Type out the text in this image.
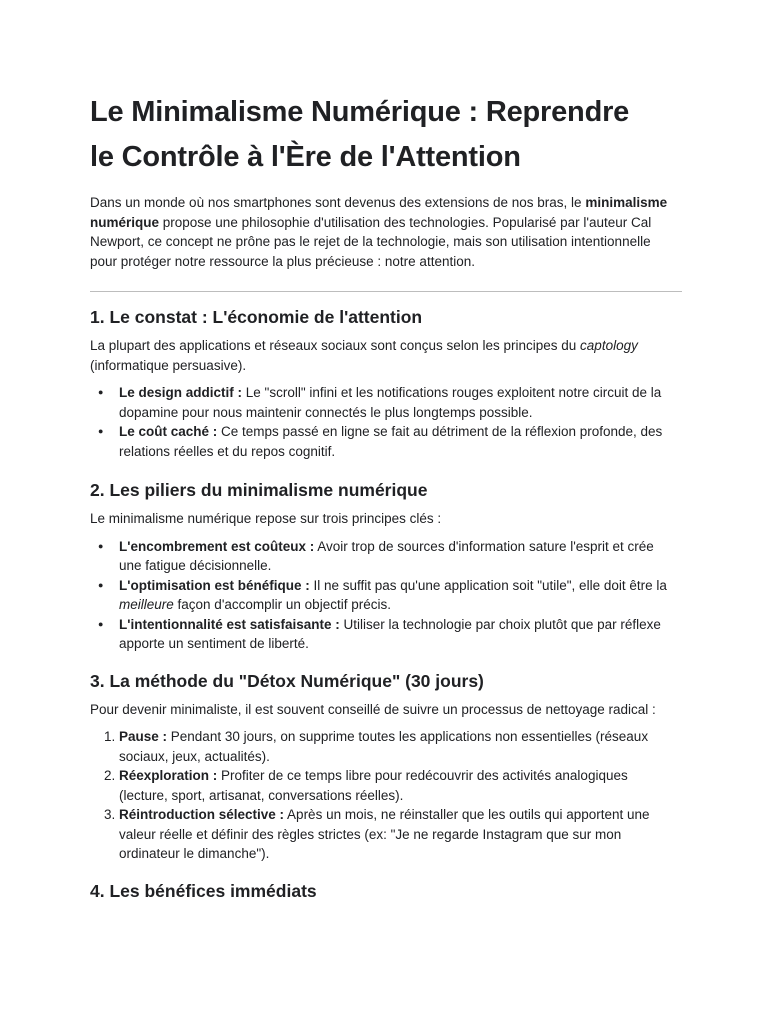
Le Minimalisme Numérique : Reprendre
le Contrôle à l'Ère de l'Attention

Dans un monde où nos smartphones sont devenus des extensions de nos bras, le minimalisme numérique propose une philosophie d'utilisation des technologies. Popularisé par l'auteur Cal Newport, ce concept ne prône pas le rejet de la technologie, mais son utilisation intentionnelle pour protéger notre ressource la plus précieuse : notre attention.

1. Le constat : L'économie de l'attention

La plupart des applications et réseaux sociaux sont conçus selon les principes du captology (informatique persuasive).

● Le design addictif : Le "scroll" infini et les notifications rouges exploitent notre circuit de la dopamine pour nous maintenir connectés le plus longtemps possible.
● Le coût caché : Ce temps passé en ligne se fait au détriment de la réflexion profonde, des relations réelles et du repos cognitif.
2. Les piliers du minimalisme numérique

Le minimalisme numérique repose sur trois principes clés :

● L'encombrement est coûteux : Avoir trop de sources d'information sature l'esprit et crée une fatigue décisionnelle.
● L'optimisation est bénéfique : Il ne suffit pas qu'une application soit "utile", elle doit être la meilleure façon d'accomplir un objectif précis.
● L'intentionnalité est satisfaisante : Utiliser la technologie par choix plutôt que par réflexe apporte un sentiment de liberté.
3. La méthode du "Détox Numérique" (30 jours)

Pour devenir minimaliste, il est souvent conseillé de suivre un processus de nettoyage radical :

1. Pause : Pendant 30 jours, on supprime toutes les applications non essentielles (réseaux sociaux, jeux, actualités).
2. Réexploration : Profiter de ce temps libre pour redécouvrir des activités analogiques (lecture, sport, artisanat, conversations réelles).
3. Réintroduction sélective : Après un mois, ne réinstaller que les outils qui apportent une valeur réelle et définir des règles strictes (ex: "Je ne regarde Instagram que sur mon ordinateur le dimanche").
4. Les bénéfices immédiats
